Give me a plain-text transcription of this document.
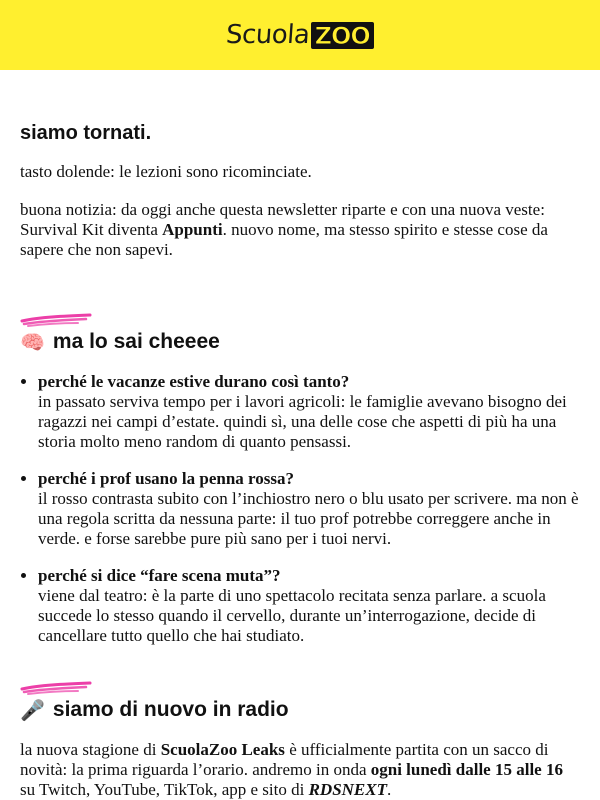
Scuola ZOO
siamo tornati.

tasto dolende: le lezioni sono ricominciate.

buona notizia: da oggi anche questa newsletter riparte e con una nuova veste: Survival Kit diventa Appunti. nuovo nome, ma stesso spirito e stesse cose da sapere che non sapevi.

🧠 ma lo sai cheeee
• perché le vacanze estive durano così tanto?
in passato serviva tempo per i lavori agricoli: le famiglie avevano bisogno dei ragazzi nei campi d’estate. quindi sì, una delle cose che aspetti di più ha una storia molto meno random di quanto pensassi.
• perché i prof usano la penna rossa?
il rosso contrasta subito con l’inchiostro nero o blu usato per scrivere. ma non è una regola scritta da nessuna parte: il tuo prof potrebbe correggere anche in verde. e forse sarebbe pure più sano per i tuoi nervi.
• perché si dice “fare scena muta”?
viene dal teatro: è la parte di uno spettacolo recitata senza parlare. a scuola succede lo stesso quando il cervello, durante un’interrogazione, decide di cancellare tutto quello che hai studiato.
🎤 siamo di nuovo in radio

la nuova stagione di ScuolaZoo Leaks è ufficialmente partita con un sacco di novità: la prima riguarda l’orario. andremo in onda ogni lunedì dalle 15 alle 16 su Twitch, YouTube, TikTok, app e sito di RDSNEXT.
